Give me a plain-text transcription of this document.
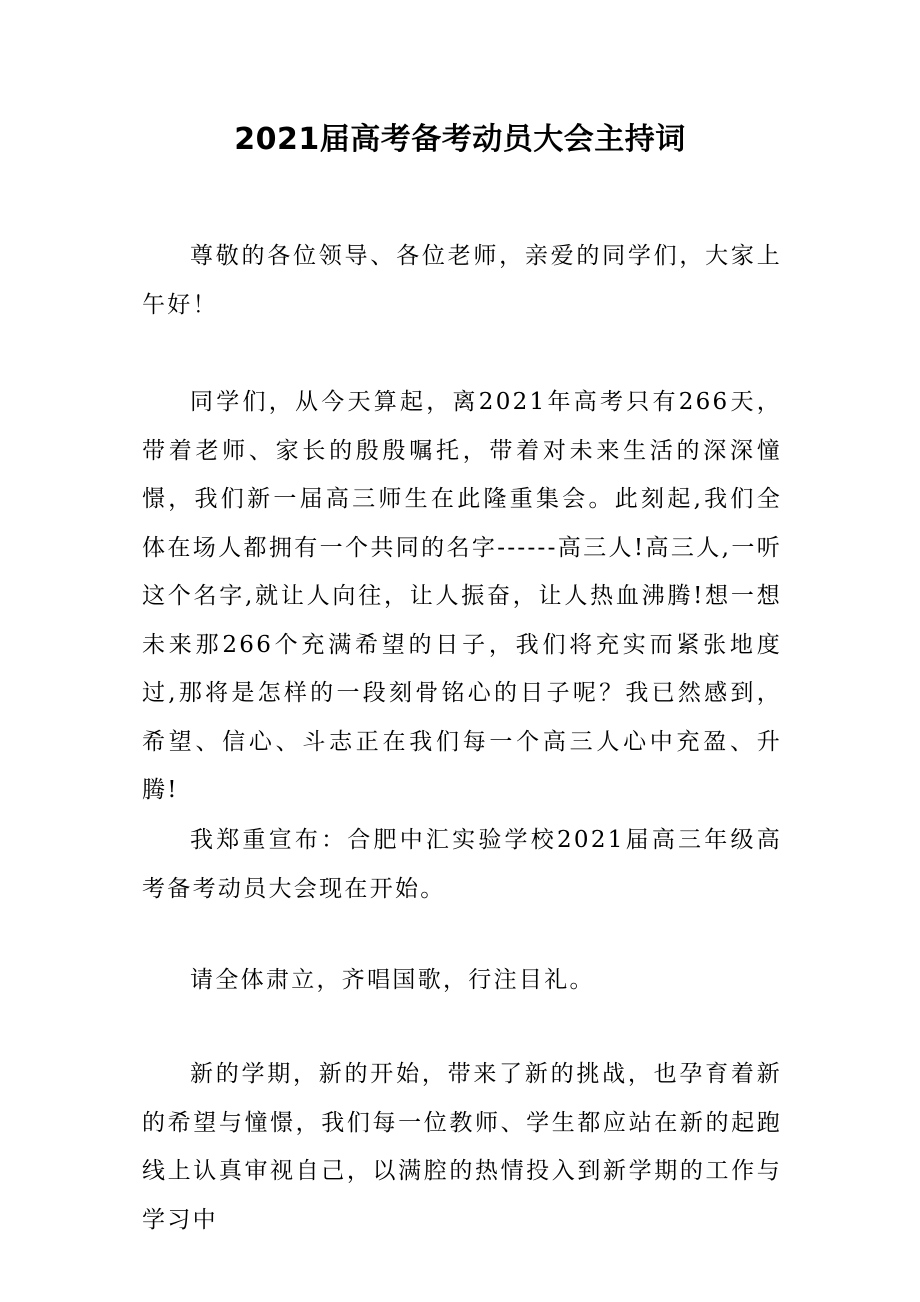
2021届高考备考动员大会主持词

尊敬的各位领导、各位老师，亲爱的同学们，大家上午好！

同学们，从今天算起，离2021年高考只有266天，带着老师、家长的殷殷嘱托，带着对未来生活的深深憧憬，我们新一届高三师生在此隆重集会。此刻起,我们全体在场人都拥有一个共同的名字------高三人!高三人,一听这个名字,就让人向往，让人振奋，让人热血沸腾!想一想未来那266个充满希望的日子，我们将充实而紧张地度过,那将是怎样的一段刻骨铭心的日子呢？我已然感到，希望、信心、斗志正在我们每一个高三人心中充盈、升腾!

我郑重宣布：合肥中汇实验学校2021届高三年级高考备考动员大会现在开始。

请全体肃立，齐唱国歌，行注目礼。

新的学期，新的开始，带来了新的挑战，也孕育着新的希望与憧憬，我们每一位教师、学生都应站在新的起跑线上认真审视自己，以满腔的热情投入到新学期的工作与学习中
